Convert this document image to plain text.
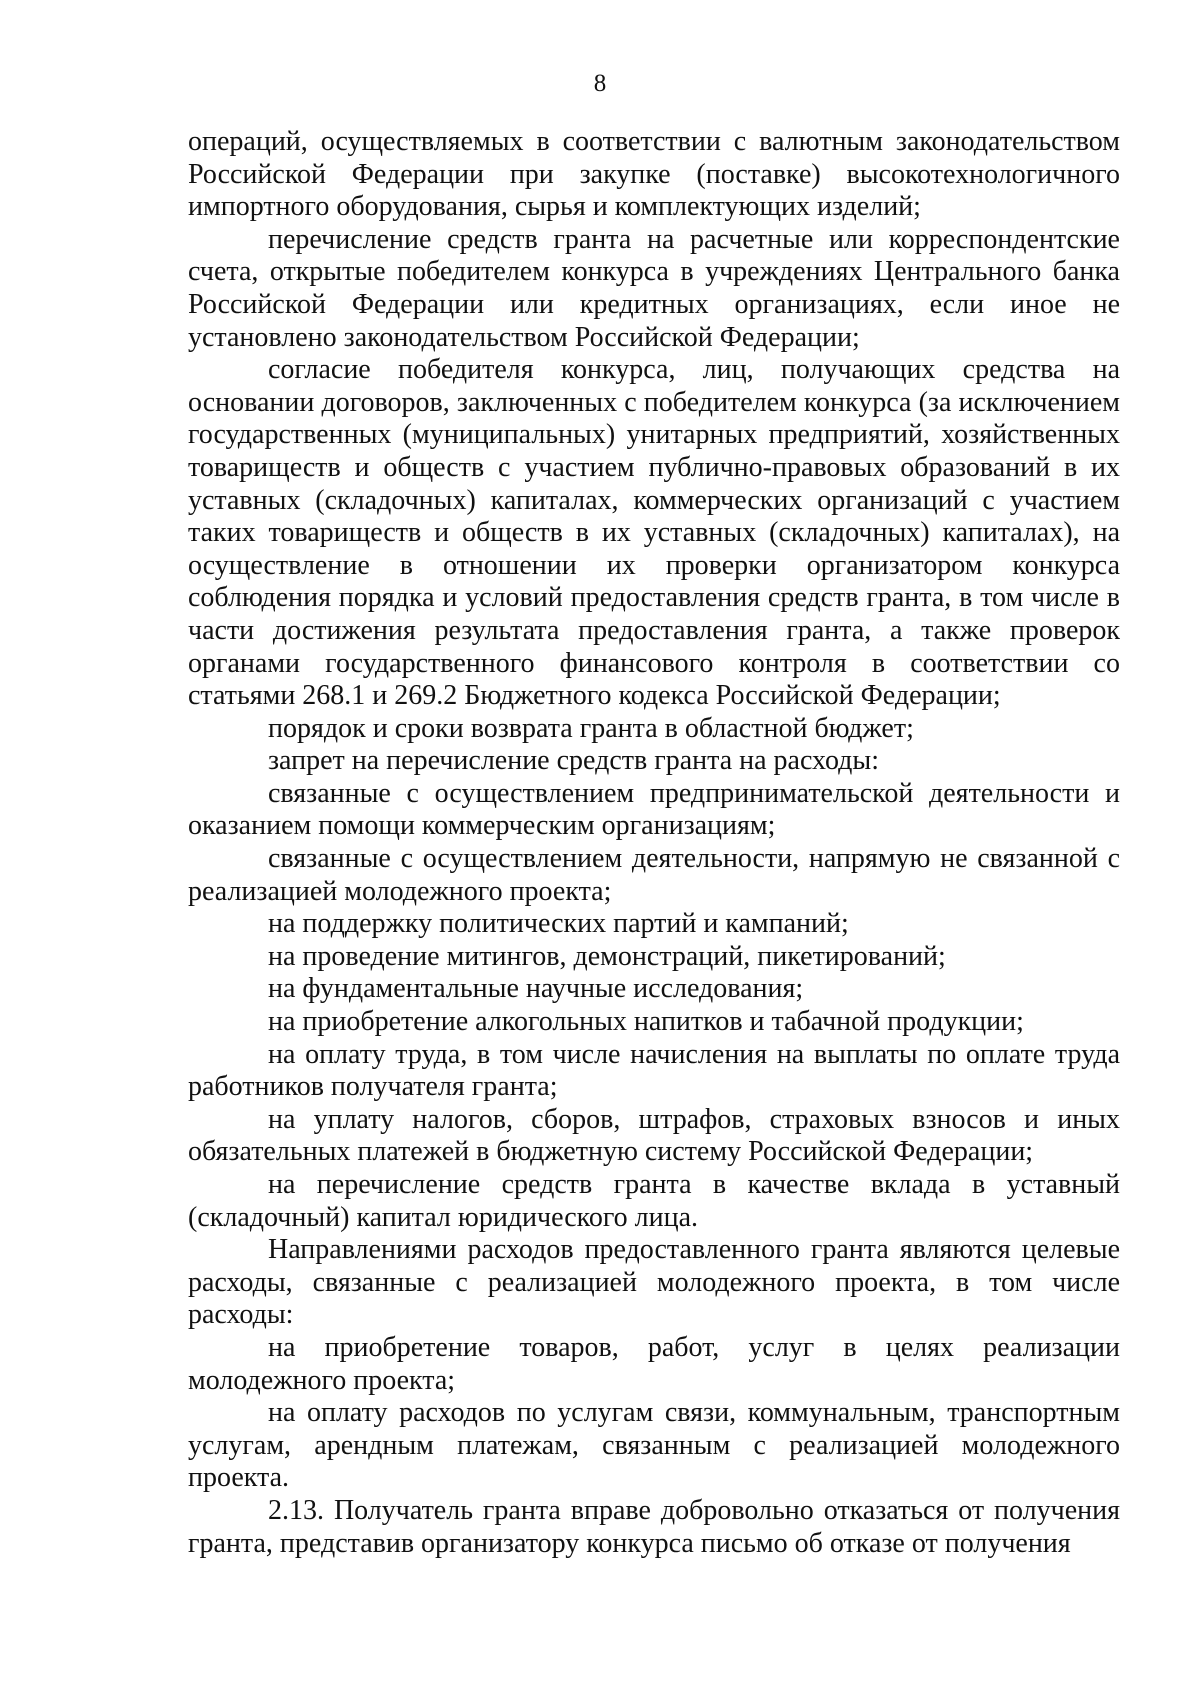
8

операций, осуществляемых в соответствии с валютным законодательством Российской Федерации при закупке (поставке) высокотехнологичного импортного оборудования, сырья и комплектующих изделий;

перечисление средств гранта на расчетные или корреспондентские счета, открытые победителем конкурса в учреждениях Центрального банка Российской Федерации или кредитных организациях, если иное не установлено законодательством Российской Федерации;

согласие победителя конкурса, лиц, получающих средства на основании договоров, заключенных с победителем конкурса (за исключением государственных (муниципальных) унитарных предприятий, хозяйственных товариществ и обществ с участием публично-правовых образований в их уставных (складочных) капиталах, коммерческих организаций с участием таких товариществ и обществ в их уставных (складочных) капиталах), на осуществление в отношении их проверки организатором конкурса соблюдения порядка и условий предоставления средств гранта, в том числе в части достижения результата предоставления гранта, а также проверок органами государственного финансового контроля в соответствии со статьями 268.1 и 269.2 Бюджетного кодекса Российской Федерации;

порядок и сроки возврата гранта в областной бюджет;

запрет на перечисление средств гранта на расходы:

связанные с осуществлением предпринимательской деятельности и оказанием помощи коммерческим организациям;

связанные с осуществлением деятельности, напрямую не связанной с реализацией молодежного проекта;

на поддержку политических партий и кампаний;

на проведение митингов, демонстраций, пикетирований;

на фундаментальные научные исследования;

на приобретение алкогольных напитков и табачной продукции;

на оплату труда, в том числе начисления на выплаты по оплате труда работников получателя гранта;

на уплату налогов, сборов, штрафов, страховых взносов и иных обязательных платежей в бюджетную систему Российской Федерации;

на перечисление средств гранта в качестве вклада в уставный (складочный) капитал юридического лица.

Направлениями расходов предоставленного гранта являются целевые расходы, связанные с реализацией молодежного проекта, в том числе расходы:

на приобретение товаров, работ, услуг в целях реализации молодежного проекта;

на оплату расходов по услугам связи, коммунальным, транспортным услугам, арендным платежам, связанным с реализацией молодежного проекта.

2.13. Получатель гранта вправе добровольно отказаться от получения гранта, представив организатору конкурса письмо об отказе от получения
